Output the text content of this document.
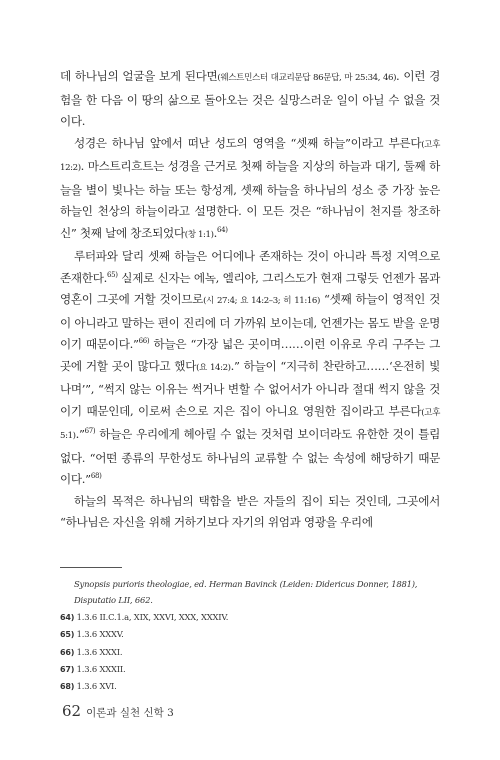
데 하나님의 얼굴을 보게 된다면(웨스트민스터 대교리문답 86문답, 마 25:34, 46). 이런 경험을 한 다음 이 땅의 삶으로 돌아오는 것은 실망스러운 일이 아닐 수 없을 것이다.

성경은 하나님 앞에서 떠난 성도의 영역을 “셋째 하늘”이라고 부른다(고후 12:2). 마스트리흐트는 성경을 근거로 첫째 하늘을 지상의 하늘과 대기, 둘째 하늘을 별이 빛나는 하늘 또는 항성계, 셋째 하늘을 하나님의 성소 중 가장 높은 하늘인 천상의 하늘이라고 설명한다. 이 모든 것은 “하나님이 천지를 창조하신” 첫째 날에 창조되었다(창 1:1).$^{64)}$

루터파와 달리 셋째 하늘은 어디에나 존재하는 것이 아니라 특정 지역으로 존재한다.$^{65)}$ 실제로 신자는 에녹, 엘리야, 그리스도가 현재 그렇듯 언젠가 몸과 영혼이 그곳에 거할 것이므로(시 27:4; 요 14:2–3; 히 11:16) “셋째 하늘이 영적인 것이 아니라고 말하는 편이 진리에 더 가까워 보이는데, 언젠가는 몸도 받을 운명이기 때문이다.”$^{66)}$ 하늘은 “가장 넓은 곳이며……이런 이유로 우리 구주는 그곳에 거할 곳이 많다고 했다(요 14:2).” 하늘이 “지극히 찬란하고……‘온전히 빛나며’”, “썩지 않는 이유는 썩거나 변할 수 없어서가 아니라 절대 썩지 않을 것이기 때문인데, 이로써 손으로 지은 집이 아니요 영원한 집이라고 부른다(고후 5:1).”$^{67)}$ 하늘은 우리에게 헤아릴 수 없는 것처럼 보이더라도 유한한 것이 틀림없다. “어떤 종류의 무한성도 하나님의 교류할 수 없는 속성에 해당하기 때문이다.”$^{68)}$

하늘의 목적은 하나님의 택함을 받은 자들의 집이 되는 것인데, 그곳에서 “하나님은 자신을 위해 거하기보다 자기의 위엄과 영광을 우리에

Synopsis purioris theologiae, ed. Herman Bavinck (Leiden: Didericus Donner, 1881),

Disputatio LII, 662.

64) 1.3.6 II.C.1.a, XIX, XXVI, XXX, XXXIV.

65) 1.3.6 XXXV.

66) 1.3.6 XXXI.

67) 1.3.6 XXXII.

68) 1.3.6 XVI.

62 이론과 실천 신학 3
